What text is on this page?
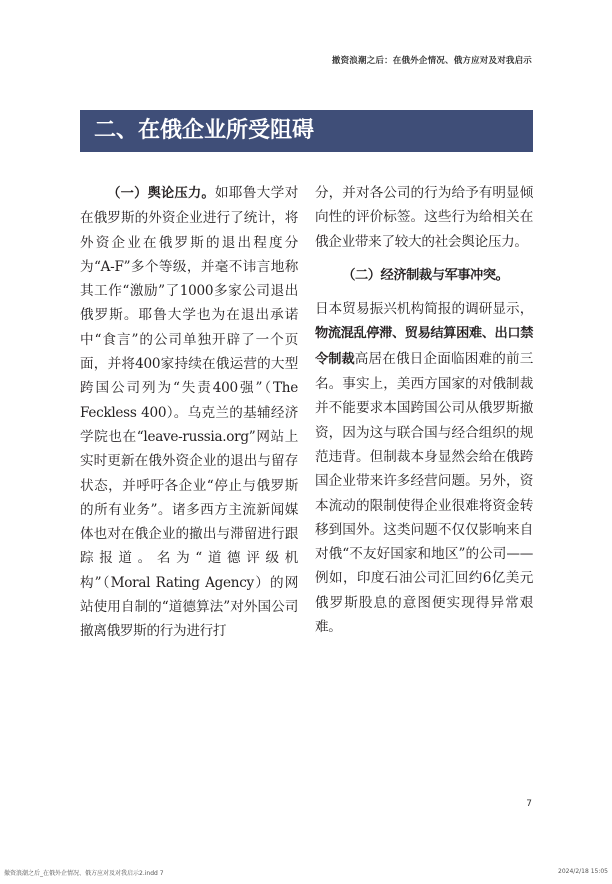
撤资浪潮之后：在俄外企情况、俄方应对及对我启示
二、在俄企业所受阻碍

（一）舆论压力。如耶鲁大学对在俄罗斯的外资企业进行了统计，将外资企业在俄罗斯的退出程度分为“A-F”多个等级，并毫不讳言地称其工作“激励”了1000多家公司退出俄罗斯。耶鲁大学也为在退出承诺中“食言”的公司单独开辟了一个页面，并将400家持续在俄运营的大型跨国公司列为“失责400强”（The Feckless 400）。乌克兰的基辅经济学院也在“leave-russia.org”网站上实时更新在俄外资企业的退出与留存状态，并呼吁各企业“停止与俄罗斯的所有业务”。诸多西方主流新闻媒体也对在俄企业的撤出与滞留进行跟踪报道。名为“道德评级机构”（Moral Rating Agency）的网站使用自制的“道德算法”对外国公司撤离俄罗斯的行为进行打

分，并对各公司的行为给予有明显倾向性的评价标签。这些行为给相关在俄企业带来了较大的社会舆论压力。

（二）经济制裁与军事冲突。

日本贸易振兴机构简报的调研显示，物流混乱停滞、贸易结算困难、出口禁令制裁高居在俄日企面临困难的前三名。事实上，美西方国家的对俄制裁并不能要求本国跨国公司从俄罗斯撤资，因为这与联合国与经合组织的规范违背。但制裁本身显然会给在俄跨国企业带来许多经营问题。另外，资本流动的限制使得企业很难将资金转移到国外。这类问题不仅仅影响来自对俄“不友好国家和地区”的公司——例如，印度石油公司汇回约6亿美元俄罗斯股息的意图便实现得异常艰难。

7
撤资浪潮之后_在俄外企情况、俄方应对及对我启示2.indd 7	2024/2/18 15:05
